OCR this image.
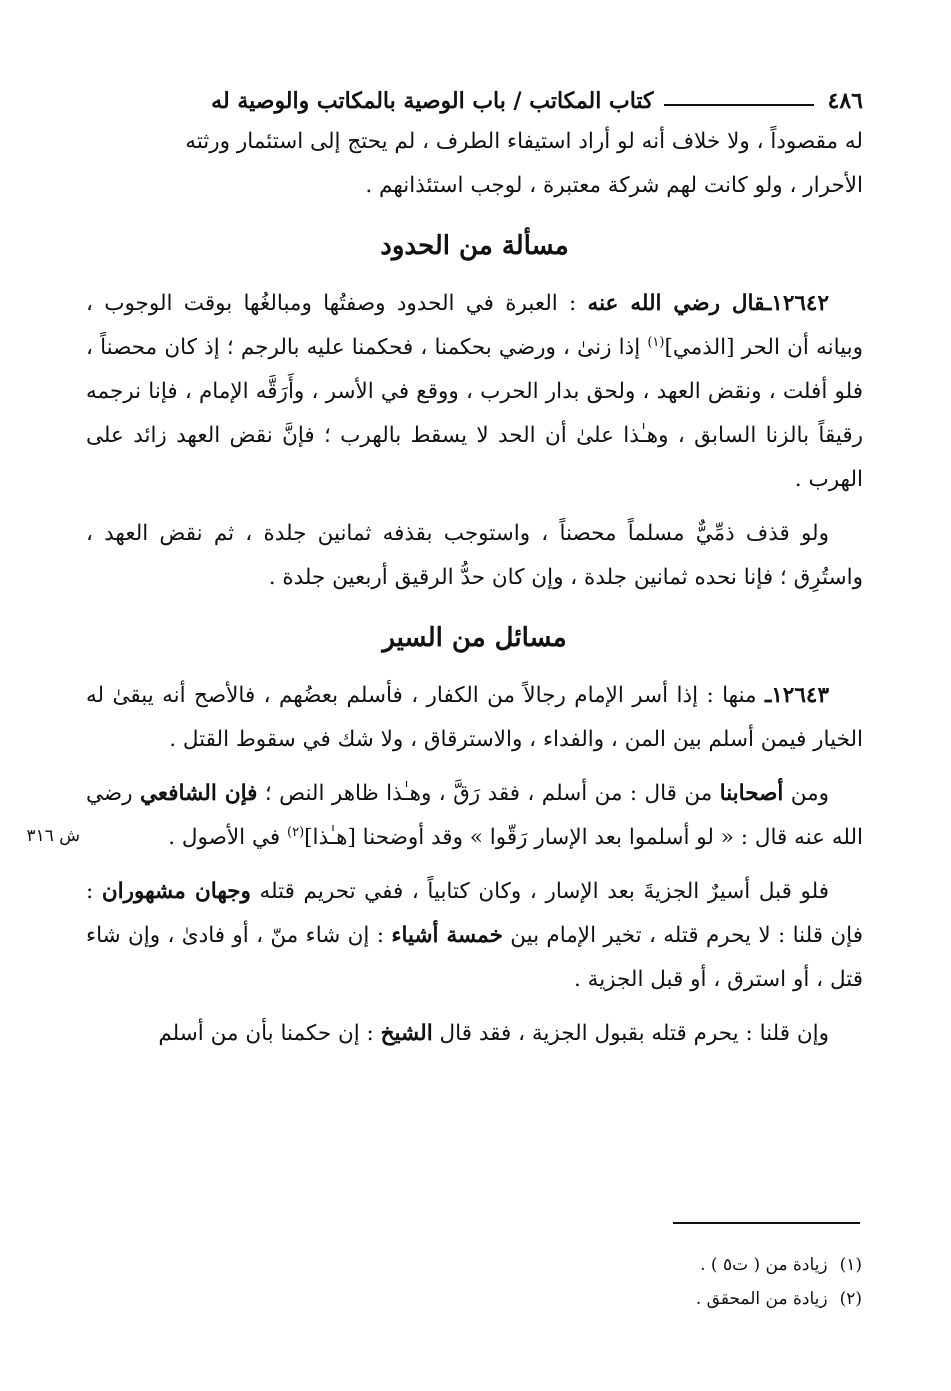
٤٨٦
كتاب المكاتب / باب الوصية بالمكاتب والوصية له

له مقصوداً ، ولا خلاف أنه لو أراد استيفاء الطرف ، لم يحتج إلى استئمار ورثته

الأحرار ، ولو كانت لهم شركة معتبرة ، لوجب استئذانهم .

مسألة من الحدود

١٢٦٤٢ـقال رضي الله عنه : العبرة في الحدود وصفتُها ومبالغُها بوقت الوجوب ، وبيانه أن الحر [الذمي]$^{(١)}$ إذا زنىٰ ، ورضي بحكمنا ، فحكمنا عليه بالرجم ؛ إذ كان محصناً ، فلو أفلت ، ونقض العهد ، ولحق بدار الحرب ، ووقع في الأسر ، وأَرَقَّه الإمام ، فإنا نرجمه رقيقاً بالزنا السابق ، وهـٰذا علىٰ أن الحد لا يسقط بالهرب ؛ فإنَّ نقض العهد زائد على الهرب .

ولو قذف ذمِّيٌّ مسلماً محصناً ، واستوجب بقذفه ثمانين جلدة ، ثم نقض العهد ، واستُرِق ؛ فإنا نحده ثمانين جلدة ، وإن كان حدُّ الرقيق أربعين جلدة .

مسائل من السير

١٢٦٤٣ـ منها : إذا أسر الإمام رجالاً من الكفار ، فأسلم بعضُهم ، فالأصح أنه يبقىٰ له الخيار فيمن أسلم بين المن ، والفداء ، والاسترقاق ، ولا شك في سقوط القتل .

ومن أصحابنا من قال : من أسلم ، فقد رَقَّ ، وهـٰذا ظاهر النص ؛ فإن الشافعي رضي الله عنه قال : « لو أسلموا بعد الإسار رَقّوا » وقد أوضحنا [هـٰذا]$^{(٢)}$ في الأصول .

فلو قبل أسيرٌ الجزيةَ بعد الإسار ، وكان كتابياً ، ففي تحريم قتله وجهان مشهوران : فإن قلنا : لا يحرم قتله ، تخير الإمام بين خمسة أشياء : إن شاء منّ ، أو فادىٰ ، وإن شاء قتل ، أو استرق ، أو قبل الجزية .

وإن قلنا : يحرم قتله بقبول الجزية ، فقد قال الشيخ : إن حكمنا بأن من أسلم

ش ٣١٦
(١)
زيادة من ( ت٥ ) .
(٢)
زيادة من المحقق .
